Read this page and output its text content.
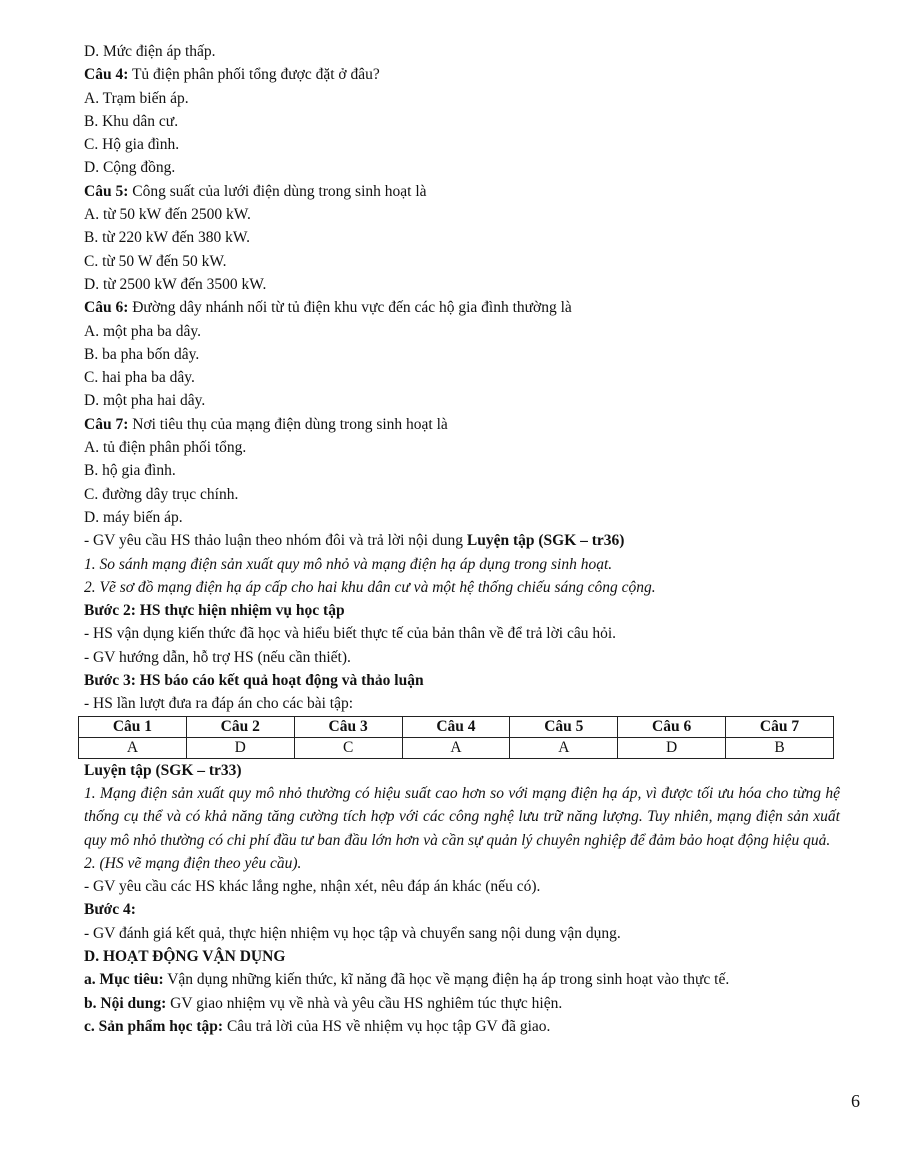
D. Mức điện áp thấp.

Câu 4: Tủ điện phân phối tổng được đặt ở đâu?

A. Trạm biến áp.

B. Khu dân cư.

C. Hộ gia đình.

D. Cộng đồng.

Câu 5: Công suất của lưới điện dùng trong sinh hoạt là

A. từ 50 kW đến 2500 kW.

B. từ 220 kW đến 380 kW.

C. từ 50 W đến 50 kW.

D. từ 2500 kW đến 3500 kW.

Câu 6: Đường dây nhánh nối từ tủ điện khu vực đến các hộ gia đình thường là

A. một pha ba dây.

B. ba pha bốn dây.

C. hai pha ba dây.

D. một pha hai dây.

Câu 7: Nơi tiêu thụ của mạng điện dùng trong sinh hoạt là

A. tủ điện phân phối tổng.

B. hộ gia đình.

C. đường dây trục chính.

D. máy biến áp.

- GV yêu cầu HS thảo luận theo nhóm đôi và trả lời nội dung Luyện tập (SGK – tr36)

1. So sánh mạng điện sản xuất quy mô nhỏ và mạng điện hạ áp dụng trong sinh hoạt.

2. Vẽ sơ đồ mạng điện hạ áp cấp cho hai khu dân cư và một hệ thống chiếu sáng công cộng.

Bước 2: HS thực hiện nhiệm vụ học tập

- HS vận dụng kiến thức đã học và hiểu biết thực tế của bản thân về để trả lời câu hỏi.

- GV hướng dẫn, hỗ trợ HS (nếu cần thiết).

Bước 3: HS báo cáo kết quả hoạt động và thảo luận

- HS lần lượt đưa ra đáp án cho các bài tập:

Câu 1	Câu 2	Câu 3	Câu 4	Câu 5	Câu 6	Câu 7
A	D	C	A	A	D	B

Luyện tập (SGK – tr33)

1. Mạng điện sản xuất quy mô nhỏ thường có hiệu suất cao hơn so với mạng điện hạ áp, vì được tối ưu hóa cho từng hệ thống cụ thể và có khả năng tăng cường tích hợp với các công nghệ lưu trữ năng lượng. Tuy nhiên, mạng điện sản xuất quy mô nhỏ thường có chi phí đầu tư ban đầu lớn hơn và cần sự quản lý chuyên nghiệp để đảm bảo hoạt động hiệu quả.

2. (HS vẽ mạng điện theo yêu cầu).

- GV yêu cầu các HS khác lắng nghe, nhận xét, nêu đáp án khác (nếu có).

Bước 4:

- GV đánh giá kết quả, thực hiện nhiệm vụ học tập và chuyển sang nội dung vận dụng.

D. HOẠT ĐỘNG VẬN DỤNG

a. Mục tiêu: Vận dụng những kiến thức, kĩ năng đã học về mạng điện hạ áp trong sinh hoạt vào thực tế.

b. Nội dung: GV giao nhiệm vụ về nhà và yêu cầu HS nghiêm túc thực hiện.

c. Sản phẩm học tập: Câu trả lời của HS về nhiệm vụ học tập GV đã giao.

6
